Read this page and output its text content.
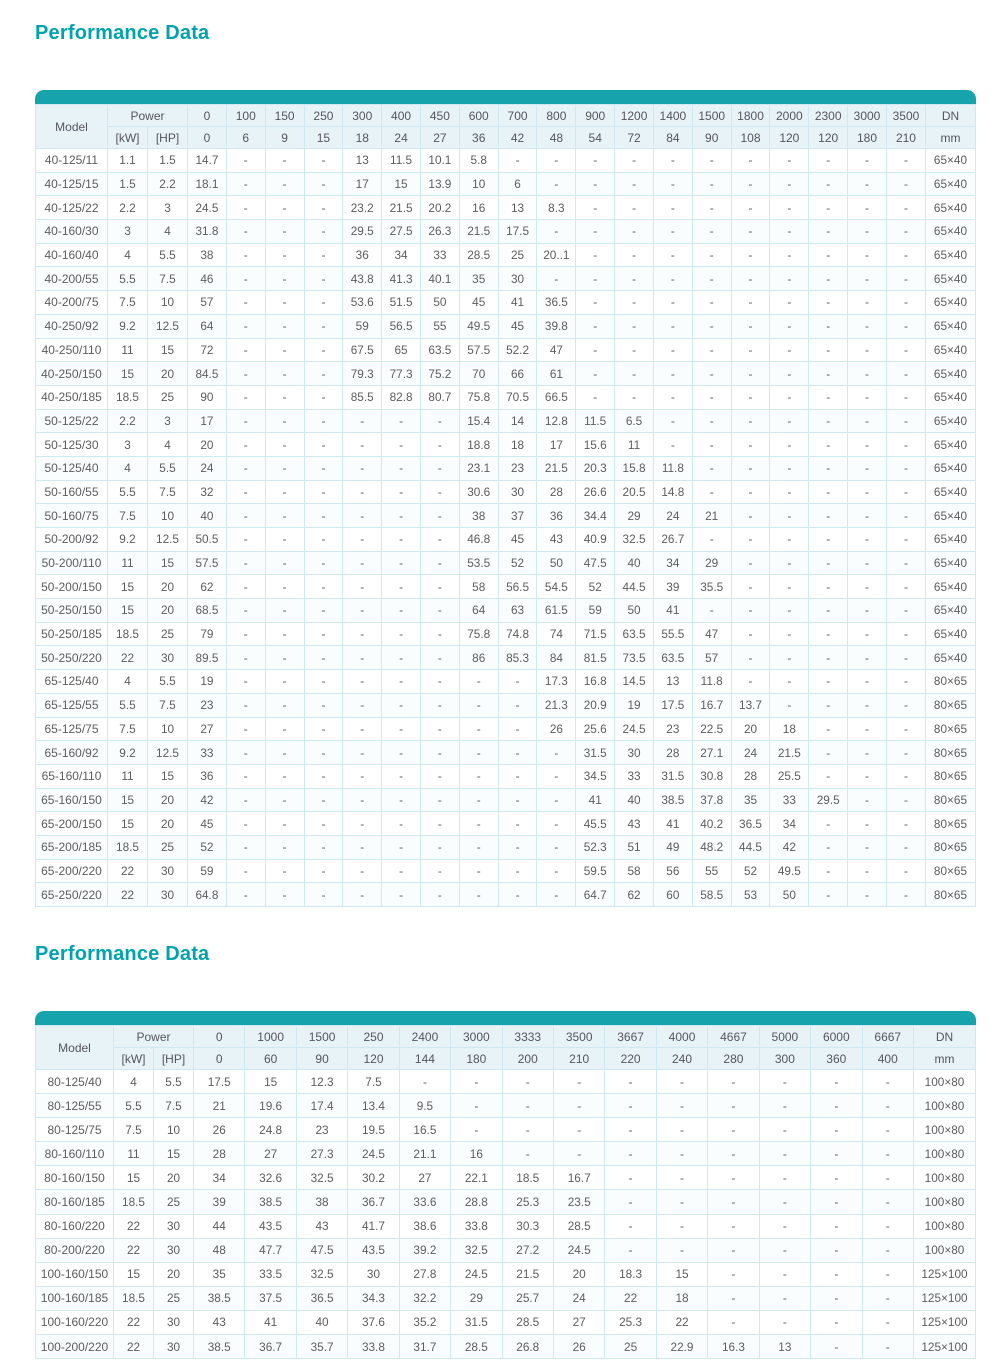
Performance Data
Model	Power		0	100	150	250	300	400	450	600	700	800	900	1200	1400	1500	1800	2000	2300	3000	3500	DN
	[kW]	[HP]	0	6	9	15	18	24	27	36	42	48	54	72	84	90	108	120	120	180	210	mm
40-125/11	1.1	1.5	14.7	-	-	-	13	11.5	10.1	5.8	-	-	-	-	-	-	-	-	-	-	-	65×40
40-125/15	1.5	2.2	18.1	-	-	-	17	15	13.9	10	6	-	-	-	-	-	-	-	-	-	-	65×40
40-125/22	2.2	3	24.5	-	-	-	23.2	21.5	20.2	16	13	8.3	-	-	-	-	-	-	-	-	-	65×40
40-160/30	3	4	31.8	-	-	-	29.5	27.5	26.3	21.5	17.5	-	-	-	-	-	-	-	-	-	-	65×40
40-160/40	4	5.5	38	-	-	-	36	34	33	28.5	25	20..1	-	-	-	-	-	-	-	-	-	65×40
40-200/55	5.5	7.5	46	-	-	-	43.8	41.3	40.1	35	30	-	-	-	-	-	-	-	-	-	-	65×40
40-200/75	7.5	10	57	-	-	-	53.6	51.5	50	45	41	36.5	-	-	-	-	-	-	-	-	-	65×40
40-250/92	9.2	12.5	64	-	-	-	59	56.5	55	49.5	45	39.8	-	-	-	-	-	-	-	-	-	65×40
40-250/110	11	15	72	-	-	-	67.5	65	63.5	57.5	52.2	47	-	-	-	-	-	-	-	-	-	65×40
40-250/150	15	20	84.5	-	-	-	79.3	77.3	75.2	70	66	61	-	-	-	-	-	-	-	-	-	65×40
40-250/185	18.5	25	90	-	-	-	85.5	82.8	80.7	75.8	70.5	66.5	-	-	-	-	-	-	-	-	-	65×40
50-125/22	2.2	3	17	-	-	-	-	-	-	15.4	14	12.8	11.5	6.5	-	-	-	-	-	-	-	65×40
50-125/30	3	4	20	-	-	-	-	-	-	18.8	18	17	15.6	11	-	-	-	-	-	-	-	65×40
50-125/40	4	5.5	24	-	-	-	-	-	-	23.1	23	21.5	20.3	15.8	11.8	-	-	-	-	-	-	65×40
50-160/55	5.5	7.5	32	-	-	-	-	-	-	30.6	30	28	26.6	20.5	14.8	-	-	-	-	-	-	65×40
50-160/75	7.5	10	40	-	-	-	-	-	-	38	37	36	34.4	29	24	21	-	-	-	-	-	65×40
50-200/92	9.2	12.5	50.5	-	-	-	-	-	-	46.8	45	43	40.9	32.5	26.7	-	-	-	-	-	-	65×40
50-200/110	11	15	57.5	-	-	-	-	-	-	53.5	52	50	47.5	40	34	29	-	-	-	-	-	65×40
50-200/150	15	20	62	-	-	-	-	-	-	58	56.5	54.5	52	44.5	39	35.5	-	-	-	-	-	65×40
50-250/150	15	20	68.5	-	-	-	-	-	-	64	63	61.5	59	50	41	-	-	-	-	-	-	65×40
50-250/185	18.5	25	79	-	-	-	-	-	-	75.8	74.8	74	71.5	63.5	55.5	47	-	-	-	-	-	65×40
50-250/220	22	30	89.5	-	-	-	-	-	-	86	85.3	84	81.5	73.5	63.5	57	-	-	-	-	-	65×40
65-125/40	4	5.5	19	-	-	-	-	-	-	-	-	17.3	16.8	14.5	13	11.8	-	-	-	-	-	80×65
65-125/55	5.5	7.5	23	-	-	-	-	-	-	-	-	21.3	20.9	19	17.5	16.7	13.7	-	-	-	-	80×65
65-125/75	7.5	10	27	-	-	-	-	-	-	-	-	26	25.6	24.5	23	22.5	20	18	-	-	-	80×65
65-160/92	9.2	12.5	33	-	-	-	-	-	-	-	-	-	31.5	30	28	27.1	24	21.5	-	-	-	80×65
65-160/110	11	15	36	-	-	-	-	-	-	-	-	-	34.5	33	31.5	30.8	28	25.5	-	-	-	80×65
65-160/150	15	20	42	-	-	-	-	-	-	-	-	-	41	40	38.5	37.8	35	33	29.5	-	-	80×65
65-200/150	15	20	45	-	-	-	-	-	-	-	-	-	45.5	43	41	40.2	36.5	34	-	-	-	80×65
65-200/185	18.5	25	52	-	-	-	-	-	-	-	-	-	52.3	51	49	48.2	44.5	42	-	-	-	80×65
65-200/220	22	30	59	-	-	-	-	-	-	-	-	-	59.5	58	56	55	52	49.5	-	-	-	80×65
65-250/220	22	30	64.8	-	-	-	-	-	-	-	-	-	64.7	62	60	58.5	53	50	-	-	-	80×65
Performance Data
Model	Power		0	1000	1500	250	2400	3000	3333	3500	3667	4000	4667	5000	6000	6667	DN
	[kW]	[HP]	0	60	90	120	144	180	200	210	220	240	280	300	360	400	mm
80-125/40	4	5.5	17.5	15	12.3	7.5	-	-	-	-	-	-	-	-	-	-	100×80
80-125/55	5.5	7.5	21	19.6	17.4	13.4	9.5	-	-	-	-	-	-	-	-	-	100×80
80-125/75	7.5	10	26	24.8	23	19.5	16.5	-	-	-	-	-	-	-	-	-	100×80
80-160/110	11	15	28	27	27.3	24.5	21.1	16	-	-	-	-	-	-	-	-	100×80
80-160/150	15	20	34	32.6	32.5	30.2	27	22.1	18.5	16.7	-	-	-	-	-	-	100×80
80-160/185	18.5	25	39	38.5	38	36.7	33.6	28.8	25.3	23.5	-	-	-	-	-	-	100×80
80-160/220	22	30	44	43.5	43	41.7	38.6	33.8	30.3	28.5	-	-	-	-	-	-	100×80
80-200/220	22	30	48	47.7	47.5	43.5	39.2	32.5	27.2	24.5	-	-	-	-	-	-	100×80
100-160/150	15	20	35	33.5	32.5	30	27.8	24.5	21.5	20	18.3	15	-	-	-	-	125×100
100-160/185	18.5	25	38.5	37.5	36.5	34.3	32.2	29	25.7	24	22	18	-	-	-	-	125×100
100-160/220	22	30	43	41	40	37.6	35.2	31.5	28.5	27	25.3	22	-	-	-	-	125×100
100-200/220	22	30	38.5	36.7	35.7	33.8	31.7	28.5	26.8	26	25	22.9	16.3	13	-	-	125×100
